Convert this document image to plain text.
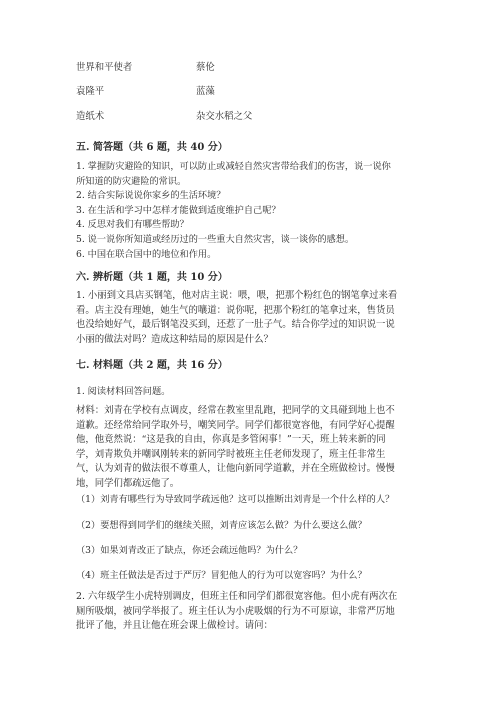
世界和平使者	蔡伦
袁隆平	蓝藻
造纸术	杂交水稻之父
五. 简答题（共 6 题，共 40 分）
1. 掌握防灾避险的知识，可以防止或减轻自然灾害带给我们的伤害，说一说你
所知道的防灾避险的常识。
2. 结合实际说说你家乡的生活环境？
3. 在生活和学习中怎样才能做到适度维护自己呢？
4. 反思对我们有哪些帮助？
5. 说一说你所知道或经历过的一些重大自然灾害，谈一谈你的感想。
6. 中国在联合国中的地位和作用。
六. 辨析题（共 1 题，共 10 分）
1. 小丽到文具店买钢笔，他对店主说：喂，喂，把那个粉红色的钢笔拿过来看
看。店主没有理她，她生气的嚷道：说你呢，把那个粉红的笔拿过来，售货员
也没给她好气，最后钢笔没买到，还惹了一肚子气。结合你学过的知识说一说
小丽的做法对吗？造成这种结局的原因是什么？
七. 材料题（共 2 题，共 16 分）
1. 阅读材料回答问题。
材料：刘青在学校有点调皮，经常在教室里乱跑，把同学的文具碰到地上也不
道歉。还经常给同学取外号，嘲笑同学。同学们都很宽容他，有同学好心提醒
他，他竟然说：“这是我的自由，你真是多管闲事！”一天，班上转来新的同
学，刘青欺负并嘲讽刚转来的新同学时被班主任老师发现了，班主任非常生
气，认为刘青的做法很不尊重人，让他向新同学道歉，并在全班做检讨。慢慢
地，同学们都疏远他了。
（1）刘青有哪些行为导致同学疏远他？这可以推断出刘青是一个什么样的人？
（2）要想得到同学们的继续关照，刘青应该怎么做？为什么要这么做？
（3）如果刘青改正了缺点，你还会疏远他吗？为什么？
（4）班主任做法是否过于严厉？冒犯他人的行为可以宽容吗？为什么？
2. 六年级学生小虎特别调皮，但班主任和同学们都很宽容他。但小虎有两次在
厕所吸烟，被同学举报了。班主任认为小虎吸烟的行为不可原谅，非常严厉地
批评了他，并且让他在班会课上做检讨。请问：
